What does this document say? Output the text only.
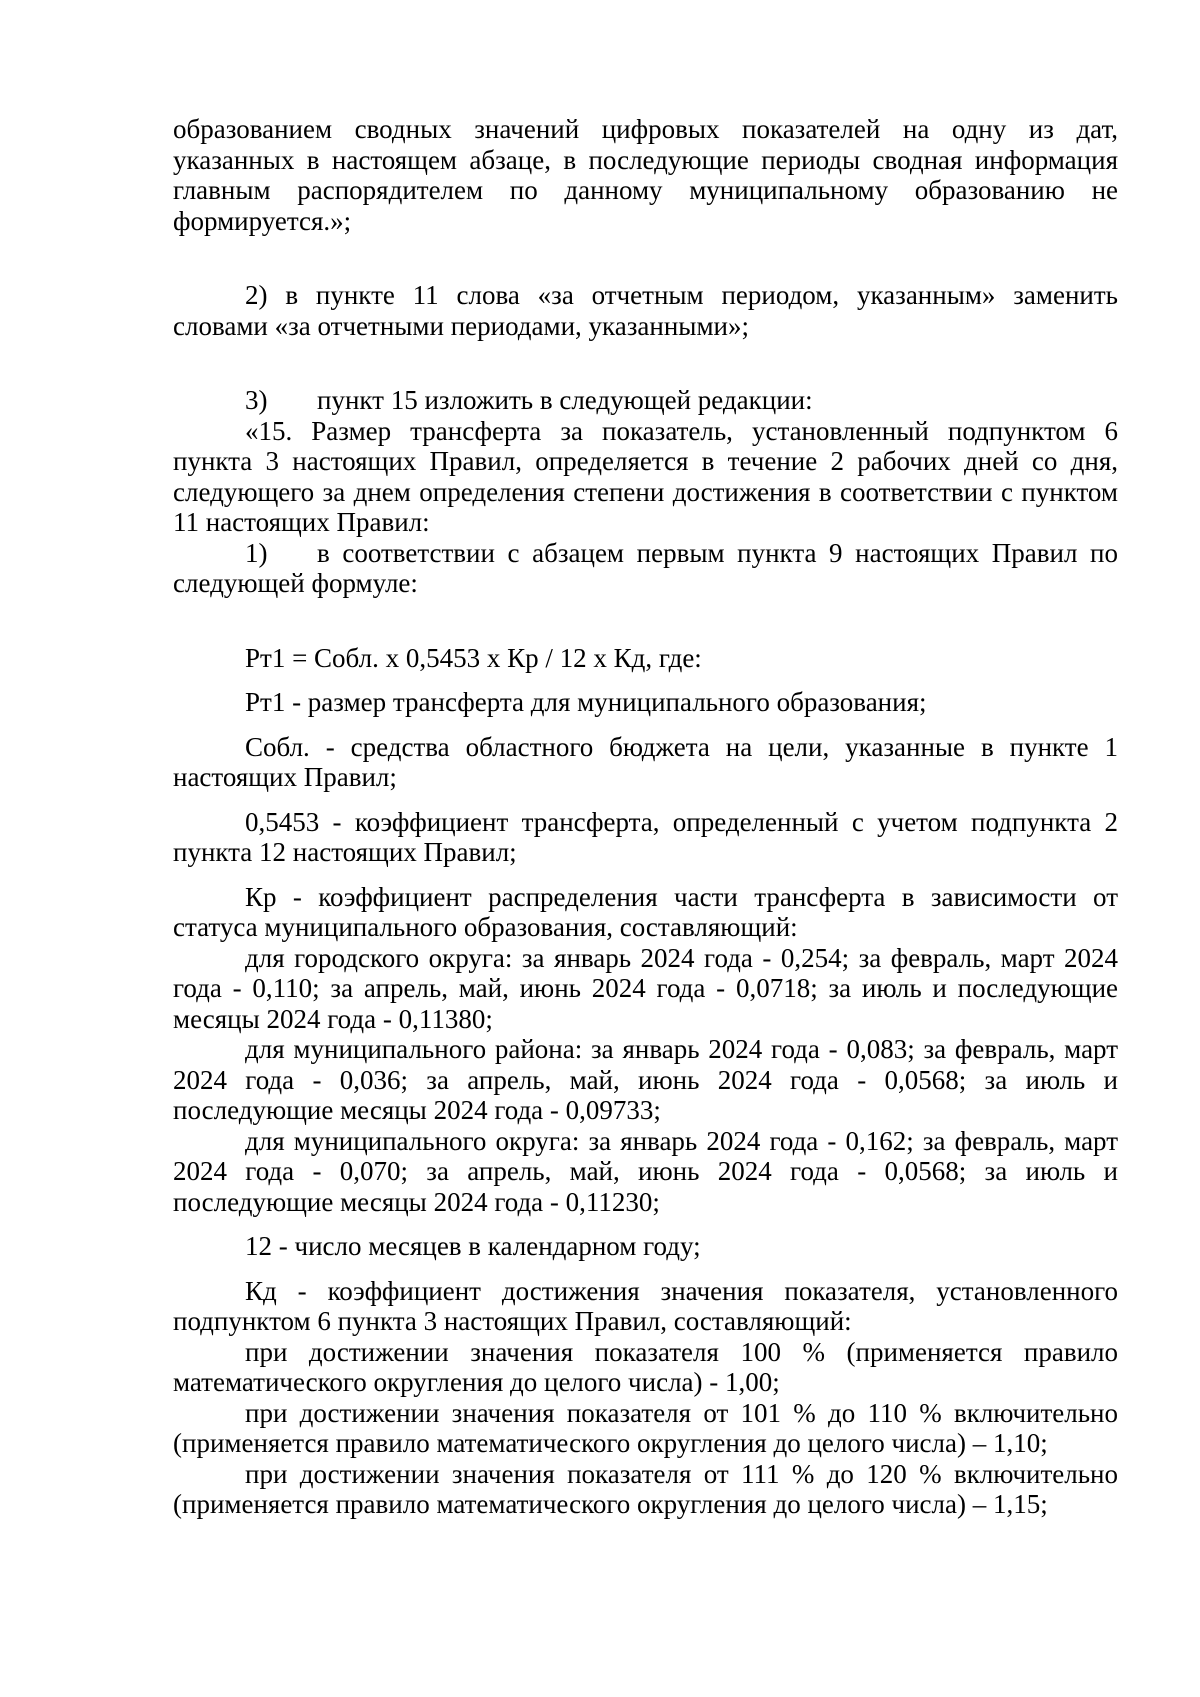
образованием сводных значений цифровых показателей на одну из дат, указанных в настоящем абзаце, в последующие периоды сводная информация главным распорядителем по данному муниципальному образованию не формируется.»;

2) в пункте 11 слова «за отчетным периодом, указанным» заменить словами «за отчетными периодами, указанными»;

3) пункт 15 изложить в следующей редакции:

«15. Размер трансферта за показатель, установленный подпунктом 6 пункта 3 настоящих Правил, определяется в течение 2 рабочих дней со дня, следующего за днем определения степени достижения в соответствии с пунктом 11 настоящих Правил:

1) в соответствии с абзацем первым пункта 9 настоящих Правил по следующей формуле:

Рт1 = Собл. х 0,5453 х Кр / 12 х Кд, где:

Рт1 - размер трансферта для муниципального образования;

Собл. - средства областного бюджета на цели, указанные в пункте 1 настоящих Правил;

0,5453 - коэффициент трансферта, определенный с учетом подпункта 2 пункта 12 настоящих Правил;

Кр - коэффициент распределения части трансферта в зависимости от статуса муниципального образования, составляющий:

для городского округа: за январь 2024 года - 0,254; за февраль, март 2024 года - 0,110; за апрель, май, июнь 2024 года - 0,0718; за июль и последующие месяцы 2024 года - 0,11380;

для муниципального района: за январь 2024 года - 0,083; за февраль, март 2024 года - 0,036; за апрель, май, июнь 2024 года - 0,0568; за июль и последующие месяцы 2024 года - 0,09733;

для муниципального округа: за январь 2024 года - 0,162; за февраль, март 2024 года - 0,070; за апрель, май, июнь 2024 года - 0,0568; за июль и последующие месяцы 2024 года - 0,11230;

12 - число месяцев в календарном году;

Кд - коэффициент достижения значения показателя, установленного подпунктом 6 пункта 3 настоящих Правил, составляющий:

при достижении значения показателя 100 % (применяется правило математического округления до целого числа) - 1,00;

при достижении значения показателя от 101 % до 110 % включительно (применяется правило математического округления до целого числа) – 1,10;

при достижении значения показателя от 111 % до 120 % включительно (применяется правило математического округления до целого числа) – 1,15;
